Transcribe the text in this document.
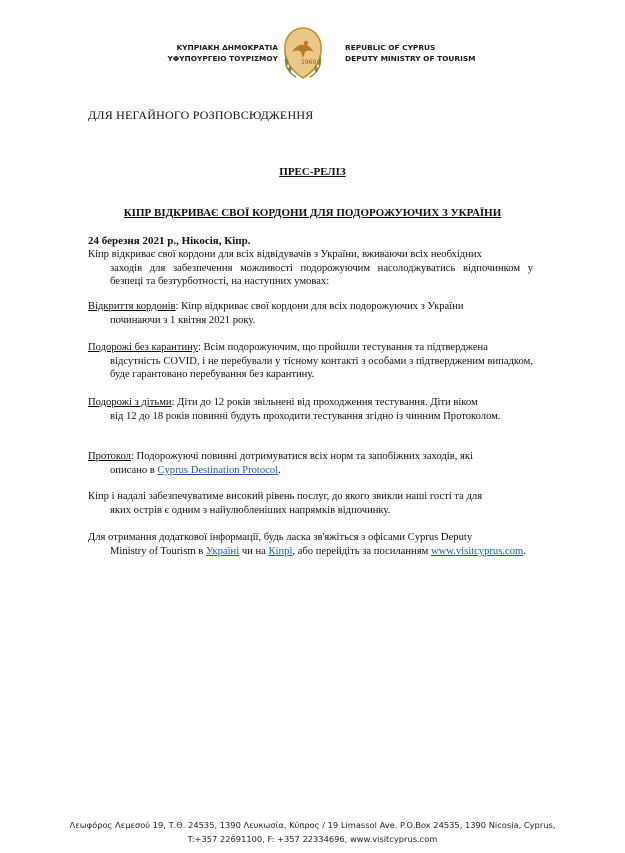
ΚΥΠΡΙΑΚΗ ΔΗΜΟΚΡΑΤΙΑ
ΥΦΥΠΟΥΡΓΕΙΟ ΤΟΥΡΙΣΜΟΥ	1960
REPUBLIC OF CYPRUS
DEPUTY MINISTRY OF TOURISM
ДЛЯ НЕГАЙНОГО РОЗПОВСЮДЖЕННЯ
ПРЕС-РЕЛІЗ
КІПР ВІДКРИВАЄ СВОЇ КОРДОНИ ДЛЯ ПОДОРОЖУЮЧИХ З УКРАЇНИ
24 березня 2021 р., Нікосія, Кіпр.
Кіпр відкриває свої кордони для всіх відвідувачів з України, вживаючи всіх необхідних
заходів для забезпечення можливості подорожуючим насолоджуватись відпочинком у безпеці та безтурботності, на наступних умовах:
Відкриття кордонів: Кіпр відкриває свої кордони для всіх подорожуючих з України
починаючи з 1 квітня 2021 року.
Подорожі без карантину: Всім подорожуючим, що пройшли тестування та підтверджена
відсутність COVID, і не перебували у тісному контакті з особами з підтвердженим випадком, буде гарантовано перебування без карантину.
Подорожі з дітьми: Діти до 12 років звільнені від проходження тестування. Діти віком
від 12 до 18 років повинні будуть проходити тестування згідно із чинним Протоколом.
Протокол: Подорожуючі повинні дотримуватися всіх норм та запобіжних заходів, які
описано в Cyprus Destination Protocol.
Кіпр і надалі забезпечуватиме високий рівень послуг, до якого звикли наші гості та для
яких острів є одним з найулюбленіших напрямків відпочинку.
Для отримання додаткової інформації, будь ласка зв'яжіться з офісами Cyprus Deputy
Ministry of Tourism в Україні чи на Кіпрі, або перейдіть за посиланням www.visitcyprus.com.
Λεωφόρος Λεμεσού 19, Τ.Θ. 24535, 1390 Λευκωσία, Κύπρος / 19 Limassol Ave. P.O.Box 24535, 1390 Nicosia, Cyprus,
T:+357 22691100, F: +357 22334696, www.visitcyprus.com
